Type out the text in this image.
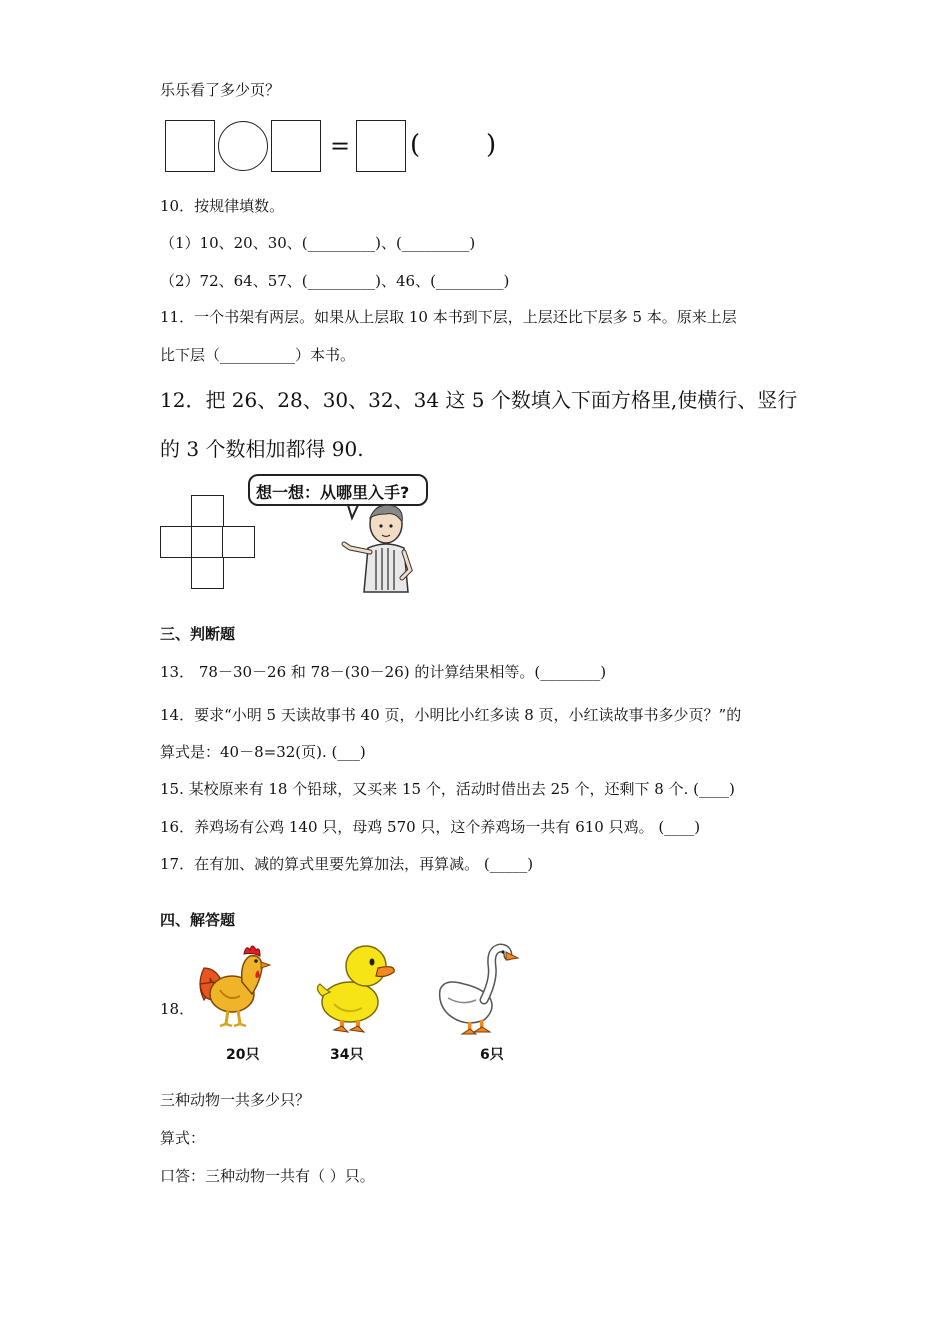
乐乐看了多少页？
= (	)
10．按规律填数。
（1）10、20、30、(_________)、(_________)
（2）72、64、57、(_________)、46、(_________)
11．一个书架有两层。如果从上层取 10 本书到下层，上层还比下层多 5 本。原来上层
比下层（__________）本书。
12．把 26、28、30、32、34 这 5 个数填入下面方格里,使横行、竖行
的 3 个数相加都得 90.
想一想：从哪里入手?
三、判断题
13． 78－30－26 和 78－(30－26) 的计算结果相等。(________)
14．要求“小明 5 天读故事书 40 页，小明比小红多读 8 页，小红读故事书多少页？”的
算式是：40－8=32(页). (___)
15. 某校原来有 18 个铅球，又买来 15 个，活动时借出去 25 个，还剩下 8 个. (____)
16．养鸡场有公鸡 140 只，母鸡 570 只，这个养鸡场一共有 610 只鸡。 (____)
17．在有加、减的算式里要先算加法，再算减。 (_____)
四、解答题
18．
20只	34只	6只
三种动物一共多少只？
算式：
口答：三种动物一共有（ ）只。
